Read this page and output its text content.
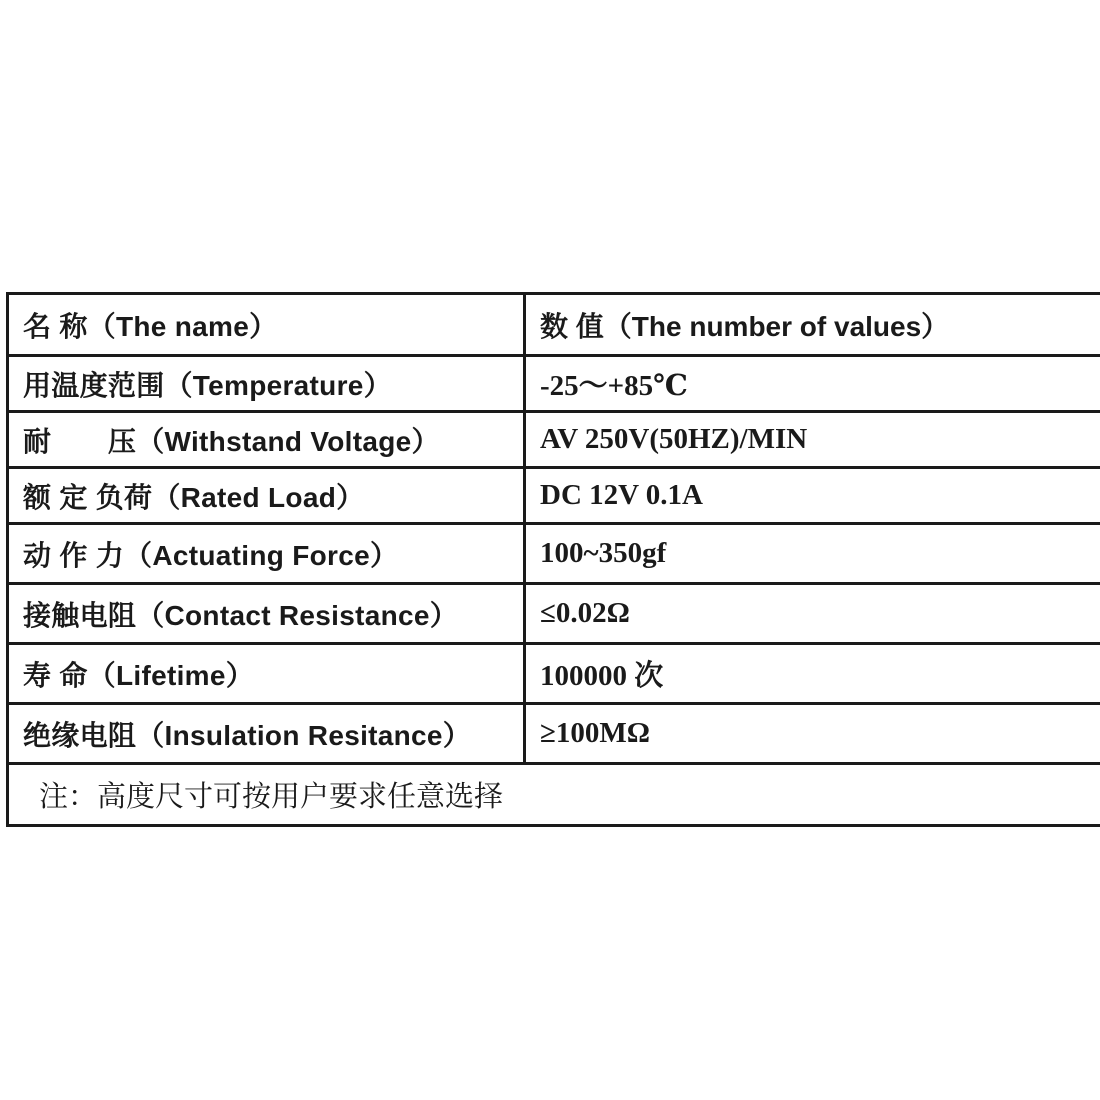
名 称（The name）	数 值（The number of values）
用温度范围（Temperature）	-25～+85℃
耐　　压（Withstand Voltage）	AV 250V(50HZ)/MIN
额 定 负荷（Rated Load）	DC 12V 0.1A
动 作 力（Actuating Force）	100~350gf
接触电阻（Contact Resistance）	≤0.02Ω
寿 命（Lifetime）	100000 次
绝缘电阻（Insulation Resitance）	≥100MΩ
注：高度尺寸可按用户要求任意选择	
